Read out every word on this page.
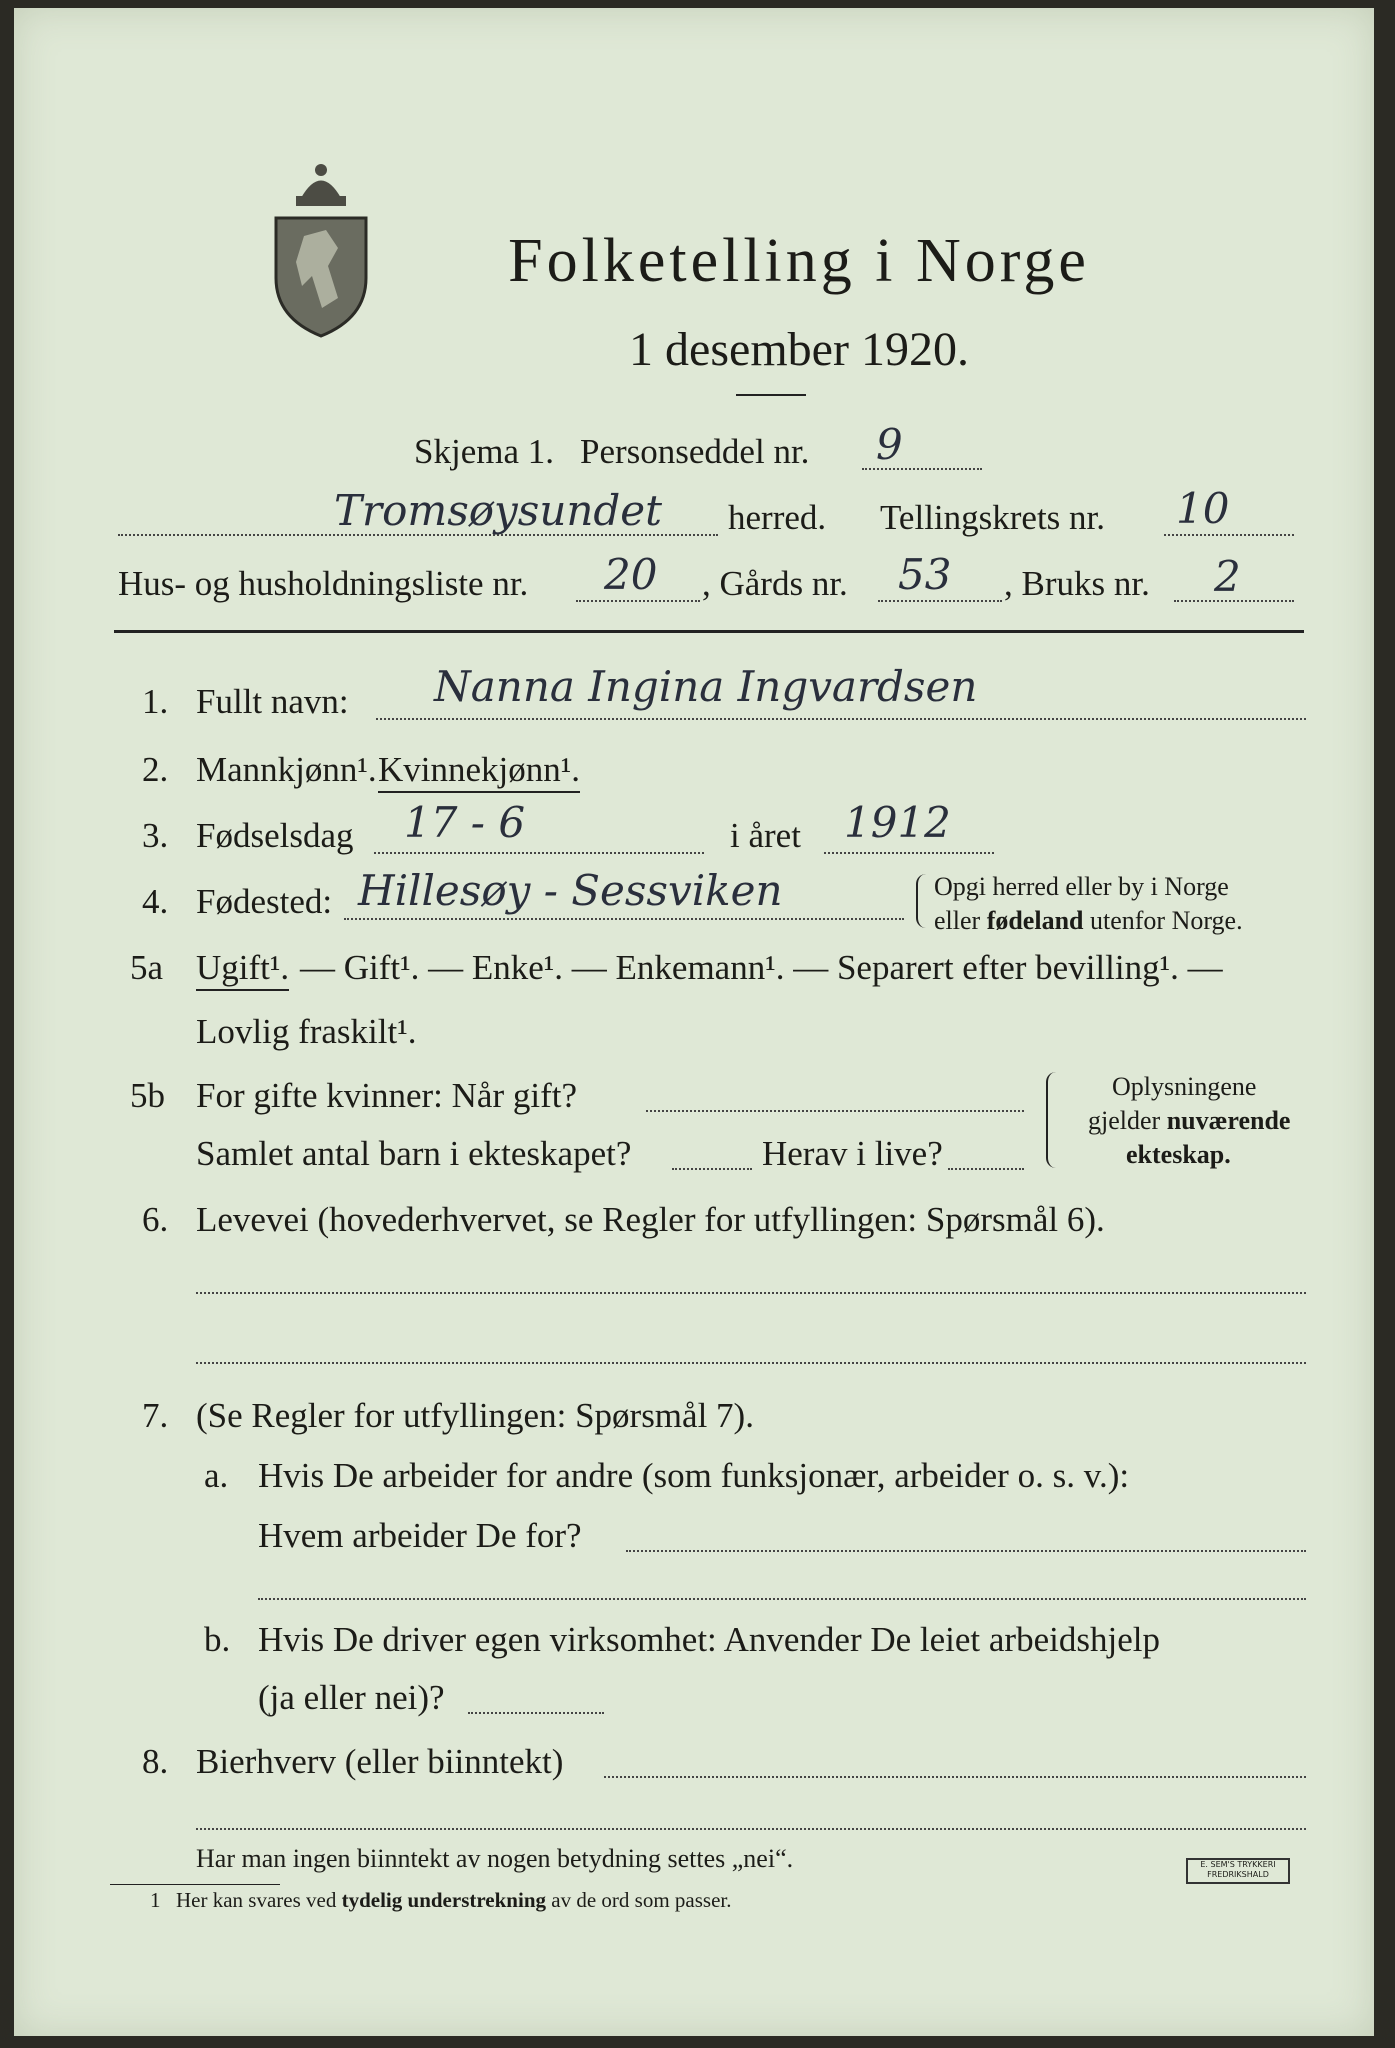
Folketelling i Norge
1 desember 1920.
Skjema 1. Personseddel nr. 9
Tromsøysundet herred. Tellingskrets nr. 10
Hus- og husholdningsliste nr. 20 , Gårds nr. 53 , Bruks nr. 2
1. Fullt navn: Nanna Ingina Ingvardsen
2. Mannkjønn¹. Kvinnekjønn¹.
3. Fødselsdag 17 - 6	i året 1912
4. Fødested: Hillesøy - Sessviken	Opgi herred eller by i Norge
eller fødeland utenfor Norge.
5a Ugift¹. — Gift¹. — Enke¹. — Enkemann¹. — Separert efter bevilling¹. —
Lovlig fraskilt¹.
5b For gifte kvinner: Når gift?
Samlet antal barn i ekteskapet?	Herav i live?
Oplysningene
gjelder nuværende
ekteskap.
6. Levevei (hovederhvervet, se Regler for utfyllingen: Spørsmål 6).
7. (Se Regler for utfyllingen: Spørsmål 7).
a. Hvis De arbeider for andre (som funksjonær, arbeider o. s. v.):
Hvem arbeider De for?
b. Hvis De driver egen virksomhet: Anvender De leiet arbeidshjelp
(ja eller nei)?
8. Bierhverv (eller biinntekt)
Har man ingen biinntekt av nogen betydning settes „nei“.
1 Her kan svares ved tydelig understrekning av de ord som passer.
E. SEM'S TRYKKERI FREDRIKSHALD
